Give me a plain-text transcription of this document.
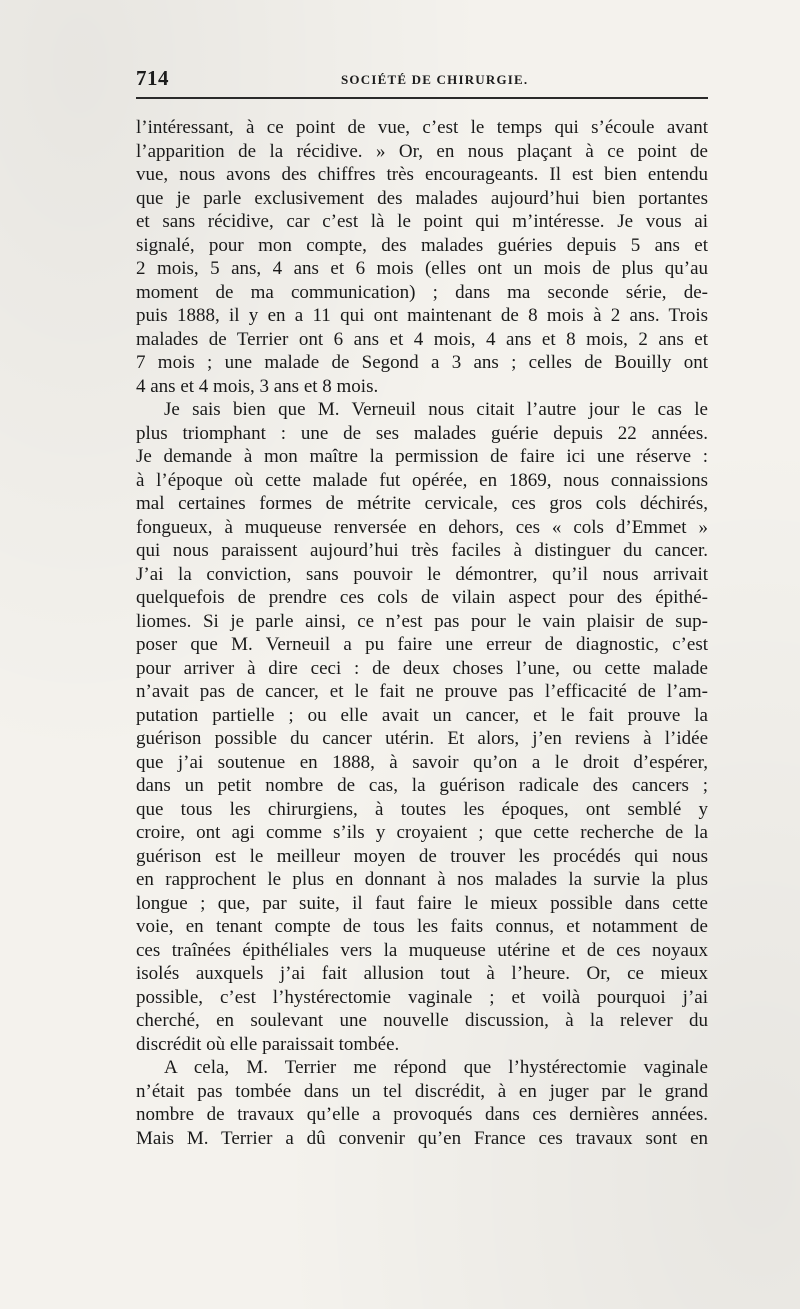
714	SOCIÉTÉ DE CHIRURGIE.
l’intéressant, à ce point de vue, c’est le temps qui s’écoule avant
l’apparition de la récidive. » Or, en nous plaçant à ce point de
vue, nous avons des chiffres très encourageants. Il est bien entendu
que je parle exclusivement des malades aujourd’hui bien portantes
et sans récidive, car c’est là le point qui m’intéresse. Je vous ai
signalé, pour mon compte, des malades guéries depuis 5 ans et
2 mois, 5 ans, 4 ans et 6 mois (elles ont un mois de plus qu’au
moment de ma communication) ; dans ma seconde série, de-
puis 1888, il y en a 11 qui ont maintenant de 8 mois à 2 ans. Trois
malades de Terrier ont 6 ans et 4 mois, 4 ans et 8 mois, 2 ans et
7 mois ; une malade de Segond a 3 ans ; celles de Bouilly ont
4 ans et 4 mois, 3 ans et 8 mois.
Je sais bien que M. Verneuil nous citait l’autre jour le cas le
plus triomphant : une de ses malades guérie depuis 22 années.
Je demande à mon maître la permission de faire ici une réserve :
à l’époque où cette malade fut opérée, en 1869, nous connaissions
mal certaines formes de métrite cervicale, ces gros cols déchirés,
fongueux, à muqueuse renversée en dehors, ces « cols d’Emmet »
qui nous paraissent aujourd’hui très faciles à distinguer du cancer.
J’ai la conviction, sans pouvoir le démontrer, qu’il nous arrivait
quelquefois de prendre ces cols de vilain aspect pour des épithé-
liomes. Si je parle ainsi, ce n’est pas pour le vain plaisir de sup-
poser que M. Verneuil a pu faire une erreur de diagnostic, c’est
pour arriver à dire ceci : de deux choses l’une, ou cette malade
n’avait pas de cancer, et le fait ne prouve pas l’efficacité de l’am-
putation partielle ; ou elle avait un cancer, et le fait prouve la
guérison possible du cancer utérin. Et alors, j’en reviens à l’idée
que j’ai soutenue en 1888, à savoir qu’on a le droit d’espérer,
dans un petit nombre de cas, la guérison radicale des cancers ;
que tous les chirurgiens, à toutes les époques, ont semblé y
croire, ont agi comme s’ils y croyaient ; que cette recherche de la
guérison est le meilleur moyen de trouver les procédés qui nous
en rapprochent le plus en donnant à nos malades la survie la plus
longue ; que, par suite, il faut faire le mieux possible dans cette
voie, en tenant compte de tous les faits connus, et notamment de
ces traînées épithéliales vers la muqueuse utérine et de ces noyaux
isolés auxquels j’ai fait allusion tout à l’heure. Or, ce mieux
possible, c’est l’hystérectomie vaginale ; et voilà pourquoi j’ai
cherché, en soulevant une nouvelle discussion, à la relever du
discrédit où elle paraissait tombée.
A cela, M. Terrier me répond que l’hystérectomie vaginale
n’était pas tombée dans un tel discrédit, à en juger par le grand
nombre de travaux qu’elle a provoqués dans ces dernières années.
Mais M. Terrier a dû convenir qu’en France ces travaux sont en
